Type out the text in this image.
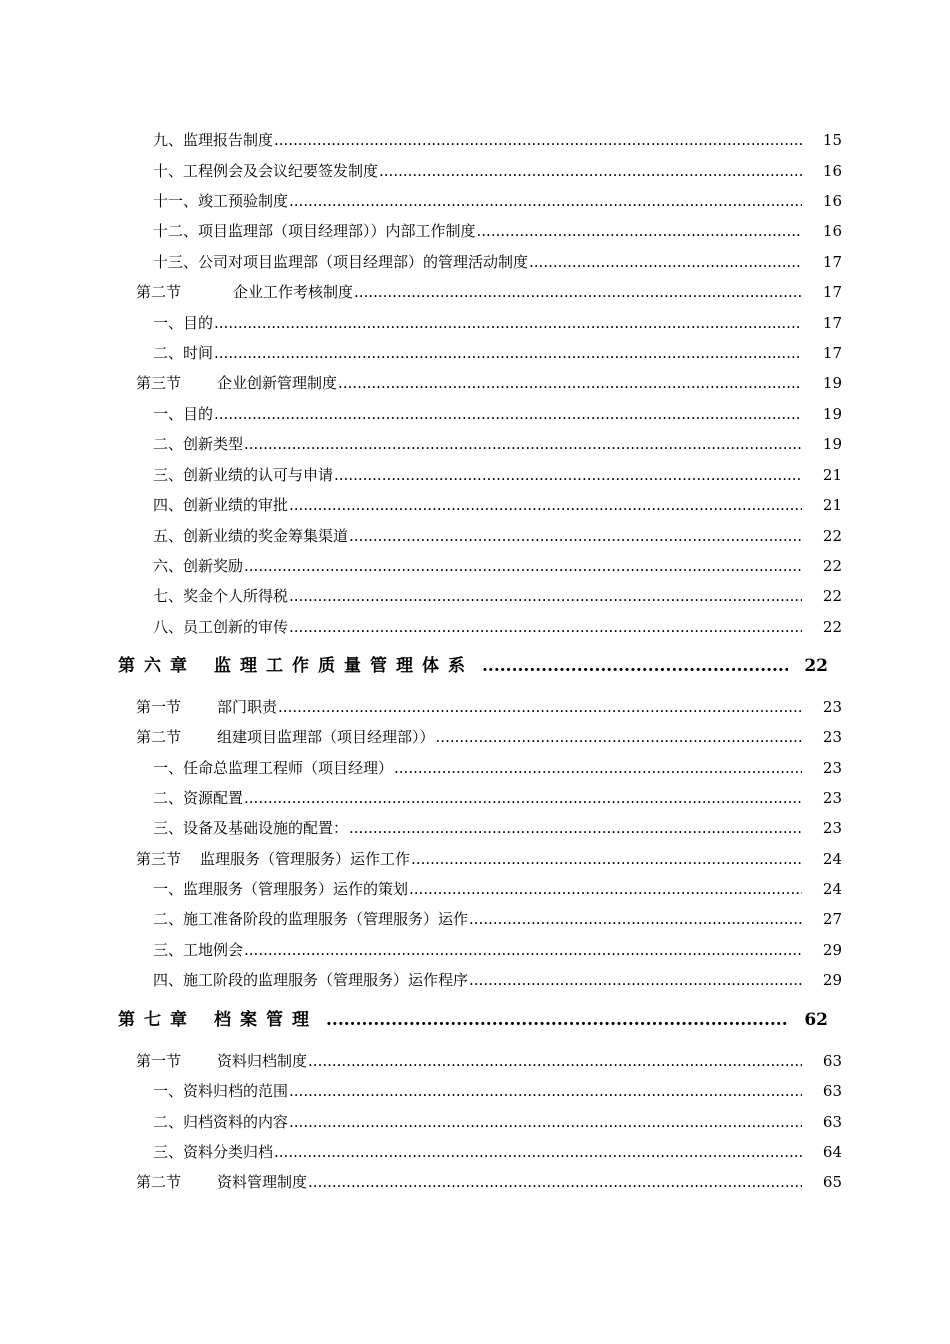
九、监理报告制度 .....	15
十、工程例会及会议纪要签发制度 .....	16
十一、竣工预验制度 .....	16
十二、项目监理部（项目经理部））内部工作制度 .....	16
十三、公司对项目监理部（项目经理部）的管理活动制度 .....	17
第二节	企业工作考核制度 .....	17
一、目的 .....	17
二、时间 .....	17
第三节 企业创新管理制度 .....	19
一、目的 .....	19
二、创新类型 .....	19
三、创新业绩的认可与申请 .....	21
四、创新业绩的审批 .....	21
五、创新业绩的奖金筹集渠道 .....	22
六、创新奖励 .....	22
七、奖金个人所得税 .....	22
八、员工创新的审传 .....	22
第六章 监理工作质量管理体系 .....	22
第一节 部门职责 .....	23
第二节 组建项目监理部（项目经理部）） .....	23
一、任命总监理工程师（项目经理） .....	23
二、资源配置 .....	23
三、设备及基础设施的配置： .....	23
第三节 监理服务（管理服务）运作工作 .....	24
一、监理服务（管理服务）运作的策划 .....	24
二、施工准备阶段的监理服务（管理服务）运作 .....	27
三、工地例会 .....	29
四、施工阶段的监理服务（管理服务）运作程序 .....	29
第七章 档案管理 .....	62
第一节 资料归档制度 .....	63
一、资料归档的范围 .....	63
二、归档资料的内容 .....	63
三、资料分类归档 .....	64
第二节 资料管理制度 .....	65
